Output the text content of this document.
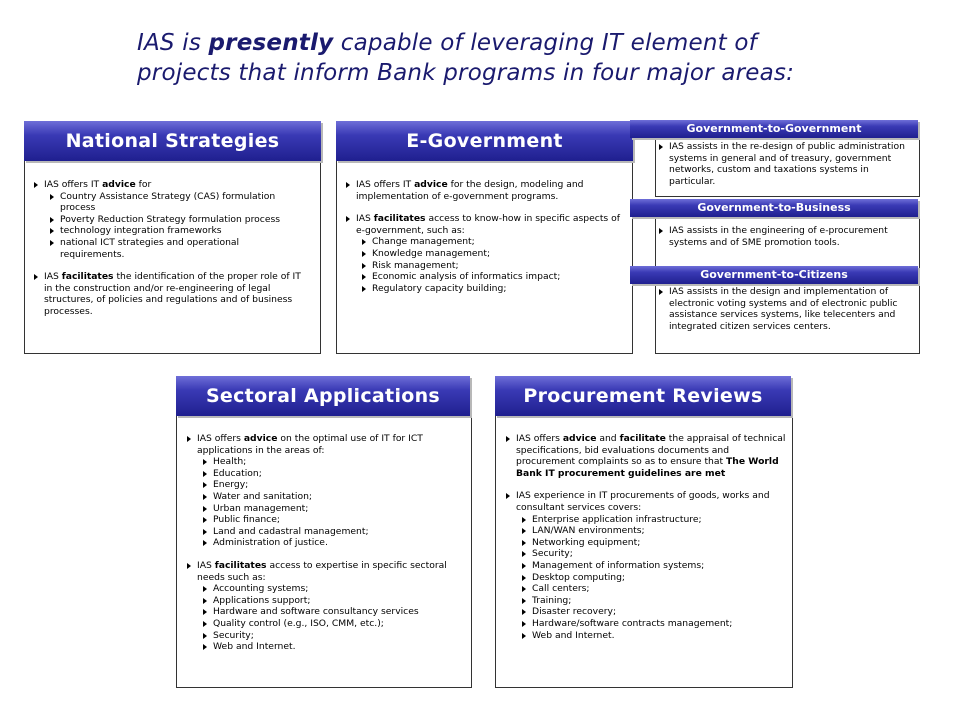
IAS is presently capable of leveraging IT element of
projects that inform Bank programs in four major areas:
National Strategies
IAS offers IT advice for
Country Assistance Strategy (CAS) formulation process
Poverty Reduction Strategy formulation process
technology integration frameworks
national ICT strategies and operational requirements.
IAS facilitates the identification of the proper role of IT in the construction and/or re-engineering of legal structures, of policies and regulations and of business processes.
E-Government
IAS offers IT advice for the design, modeling and implementation of e-government programs.
IAS facilitates access to know-how in specific aspects of e-government, such as:
Change management;
Knowledge management;
Risk management;
Economic analysis of informatics impact;
Regulatory capacity building;
Government-to-Government
IAS assists in the re-design of public administration systems in general and of treasury, government networks, custom and taxations systems in particular.
Government-to-Business
IAS assists in the engineering of e-procurement systems and of SME promotion tools.
Government-to-Citizens
IAS assists in the design and implementation of electronic voting systems and of electronic public assistance services systems, like telecenters and integrated citizen services centers.
Sectoral Applications
IAS offers advice on the optimal use of IT for ICT applications in the areas of:
Health;
Education;
Energy;
Water and sanitation;
Urban management;
Public finance;
Land and cadastral management;
Administration of justice.
IAS facilitates access to expertise in specific sectoral needs such as:
Accounting systems;
Applications support;
Hardware and software consultancy services
Quality control (e.g., ISO, CMM, etc.);
Security;
Web and Internet.
Procurement Reviews
IAS offers advice and facilitate the appraisal of technical specifications, bid evaluations documents and procurement complaints so as to ensure that The World Bank IT procurement guidelines are met
IAS experience in IT procurements of goods, works and consultant services covers:
Enterprise application infrastructure;
LAN/WAN environments;
Networking equipment;
Security;
Management of information systems;
Desktop computing;
Call centers;
Training;
Disaster recovery;
Hardware/software contracts management;
Web and Internet.
